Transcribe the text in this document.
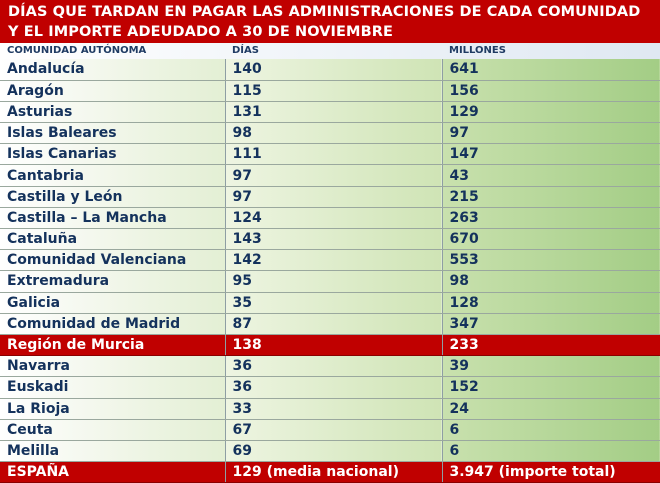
DÍAS QUE TARDAN EN PAGAR LAS ADMINISTRACIONES DE CADA COMUNIDAD Y EL IMPORTE ADEUDADO A 30 DE NOVIEMBRE
COMUNIDAD AUTÓNOMA	DÍAS	MILLONES
Andalucía	140	641
Aragón	115	156
Asturias	131	129
Islas Baleares	98	97
Islas Canarias	111	147
Cantabria	97	43
Castilla y León	97	215
Castilla – La Mancha	124	263
Cataluña	143	670
Comunidad Valenciana	142	553
Extremadura	95	98
Galicia	35	128
Comunidad de Madrid	87	347
Región de Murcia	138	233
Navarra	36	39
Euskadi	36	152
La Rioja	33	24
Ceuta	67	6
Melilla	69	6
ESPAÑA	129 (media nacional)	3.947 (importe total)
